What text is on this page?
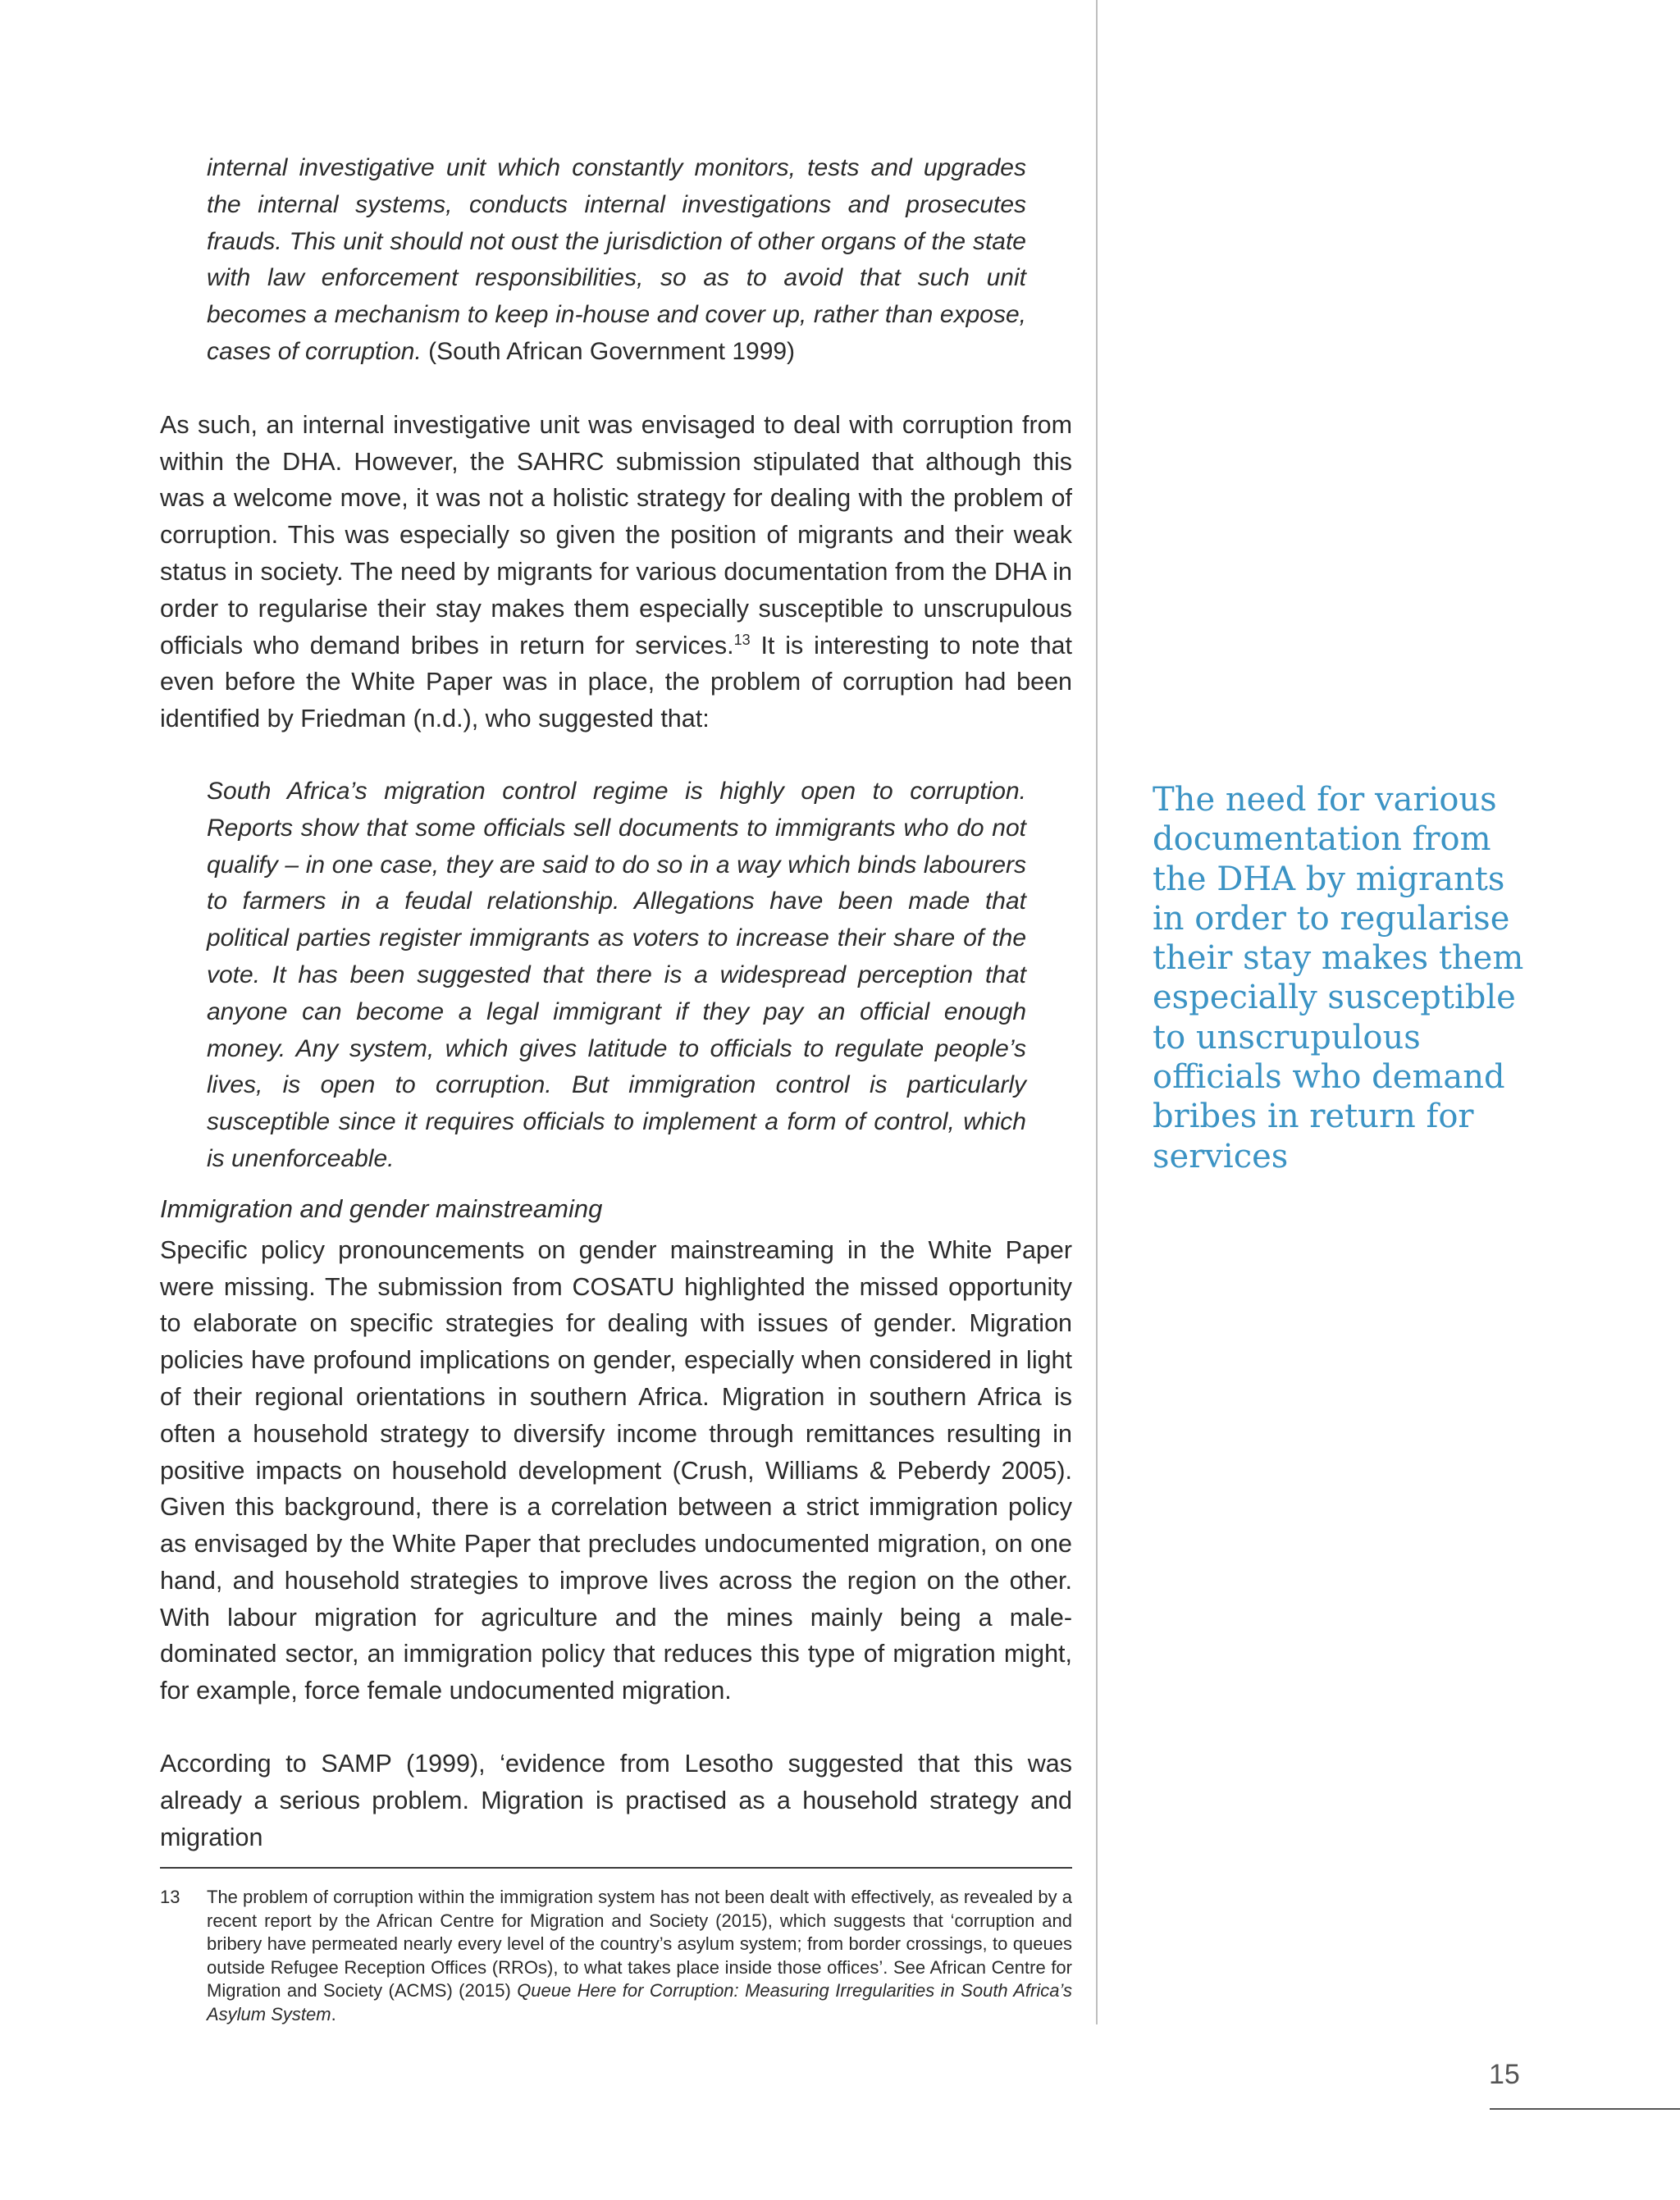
internal investigative unit which constantly monitors, tests and upgrades the internal systems, conducts internal investigations and prosecutes frauds. This unit should not oust the jurisdiction of other organs of the state with law enforcement responsibilities, so as to avoid that such unit becomes a mechanism to keep in-house and cover up, rather than expose, cases of corruption. (South African Government 1999)

As such, an internal investigative unit was envisaged to deal with corruption from within the DHA. However, the SAHRC submission stipulated that although this was a welcome move, it was not a holistic strategy for dealing with the problem of corruption. This was especially so given the position of migrants and their weak status in society. The need by migrants for various documentation from the DHA in order to regularise their stay makes them especially susceptible to unscrupulous officials who demand bribes in return for services.$^{13}$ It is interesting to note that even before the White Paper was in place, the problem of corruption had been identified by Friedman (n.d.), who suggested that:

South Africa’s migration control regime is highly open to corruption. Reports show that some officials sell documents to immigrants who do not qualify – in one case, they are said to do so in a way which binds labourers to farmers in a feudal relationship. Allegations have been made that political parties register immigrants as voters to increase their share of the vote. It has been suggested that there is a widespread perception that anyone can become a legal immigrant if they pay an official enough money. Any system, which gives latitude to officials to regulate people’s lives, is open to corruption. But immigration control is particularly susceptible since it requires officials to implement a form of control, which is unenforceable.

Immigration and gender mainstreaming

Specific policy pronouncements on gender mainstreaming in the White Paper were missing. The submission from COSATU highlighted the missed opportunity to elaborate on specific strategies for dealing with issues of gender. Migration policies have profound implications on gender, especially when considered in light of their regional orientations in southern Africa. Migration in southern Africa is often a household strategy to diversify income through remittances resulting in positive impacts on household development (Crush, Williams & Peberdy 2005). Given this background, there is a correlation between a strict immigration policy as envisaged by the White Paper that precludes undocumented migration, on one hand, and household strategies to improve lives across the region on the other. With labour migration for agriculture and the mines mainly being a male-dominated sector, an immigration policy that reduces this type of migration might, for example, force female undocumented migration.

According to SAMP (1999), ‘evidence from Lesotho suggested that this was already a serious problem. Migration is practised as a household strategy and migration

The need for various documentation from the DHA by migrants in order to regularise their stay makes them especially susceptible to unscrupulous officials who demand bribes in return for services

13 The problem of corruption within the immigration system has not been dealt with effectively, as revealed by a recent report by the African Centre for Migration and Society (2015), which suggests that ‘corruption and bribery have permeated nearly every level of the country’s asylum system; from border crossings, to queues outside Refugee Reception Offices (RROs), to what takes place inside those offices’. See African Centre for Migration and Society (ACMS) (2015) Queue Here for Corruption: Measuring Irregularities in South Africa’s Asylum System.
15
